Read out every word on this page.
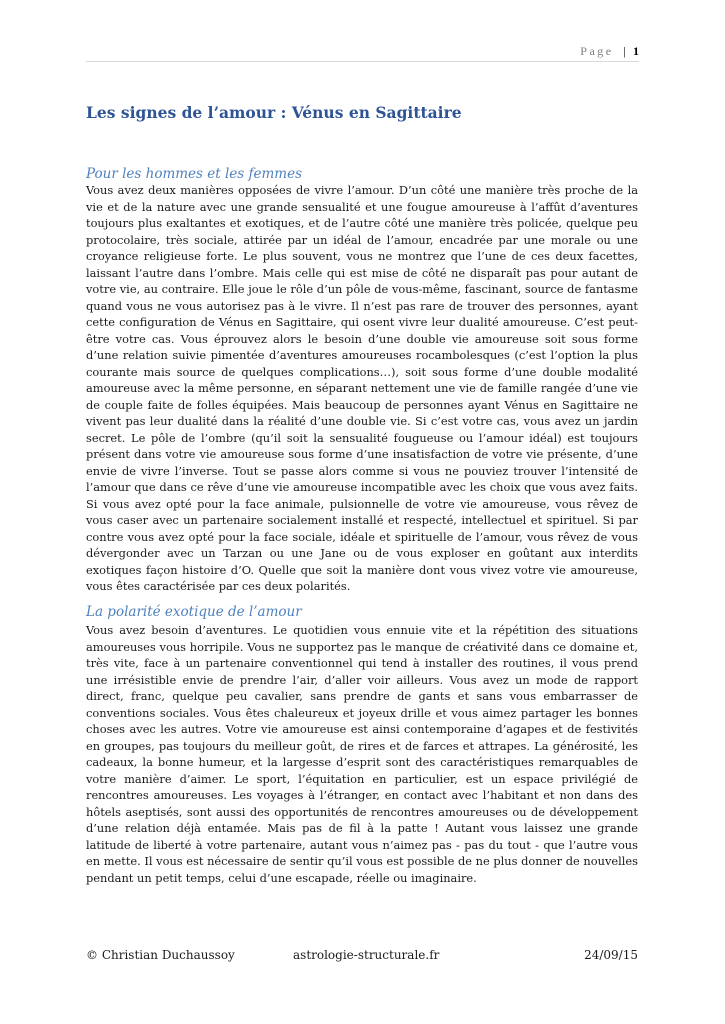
Page | 1
Les signes de l’amour : Vénus en Sagittaire
Pour les hommes et les femmes

Vous avez deux manières opposées de vivre l’amour. D’un côté une manière très proche de la vie et de la nature avec une grande sensualité et une fougue amoureuse à l’affût d’aventures toujours plus exaltantes et exotiques, et de l’autre côté une manière très policée, quelque peu protocolaire, très sociale, attirée par un idéal de l’amour, encadrée par une morale ou une croyance religieuse forte. Le plus souvent, vous ne montrez que l’une de ces deux facettes, laissant l’autre dans l’ombre. Mais celle qui est mise de côté ne disparaît pas pour autant de votre vie, au contraire. Elle joue le rôle d’un pôle de vous-même, fascinant, source de fantasme quand vous ne vous autorisez pas à le vivre. Il n’est pas rare de trouver des personnes, ayant cette configuration de Vénus en Sagittaire, qui osent vivre leur dualité amoureuse. C’est peut-être votre cas. Vous éprouvez alors le besoin d’une double vie amoureuse soit sous forme d’une relation suivie pimentée d’aventures amoureuses rocambolesques (c’est l’option la plus courante mais source de quelques complications…), soit sous forme d’une double modalité amoureuse avec la même personne, en séparant nettement une vie de famille rangée d’une vie de couple faite de folles équipées. Mais beaucoup de personnes ayant Vénus en Sagittaire ne vivent pas leur dualité dans la réalité d’une double vie. Si c’est votre cas, vous avez un jardin secret. Le pôle de l’ombre (qu’il soit la sensualité fougueuse ou l’amour idéal) est toujours présent dans votre vie amoureuse sous forme d’une insatisfaction de votre vie présente, d’une envie de vivre l’inverse. Tout se passe alors comme si vous ne pouviez trouver l’intensité de l’amour que dans ce rêve d’une vie amoureuse incompatible avec les choix que vous avez faits. Si vous avez opté pour la face animale, pulsionnelle de votre vie amoureuse, vous rêvez de vous caser avec un partenaire socialement installé et respecté, intellectuel et spirituel. Si par contre vous avez opté pour la face sociale, idéale et spirituelle de l’amour, vous rêvez de vous dévergonder avec un Tarzan ou une Jane ou de vous exploser en goûtant aux interdits exotiques façon histoire d’O. Quelle que soit la manière dont vous vivez votre vie amoureuse, vous êtes caractérisée par ces deux polarités.

La polarité exotique de l’amour

Vous avez besoin d’aventures. Le quotidien vous ennuie vite et la répétition des situations amoureuses vous horripile. Vous ne supportez pas le manque de créativité dans ce domaine et, très vite, face à un partenaire conventionnel qui tend à installer des routines, il vous prend une irrésistible envie de prendre l’air, d’aller voir ailleurs. Vous avez un mode de rapport direct, franc, quelque peu cavalier, sans prendre de gants et sans vous embarrasser de conventions sociales. Vous êtes chaleureux et joyeux drille et vous aimez partager les bonnes choses avec les autres. Votre vie amoureuse est ainsi contemporaine d’agapes et de festivités en groupes, pas toujours du meilleur goût, de rires et de farces et attrapes. La générosité, les cadeaux, la bonne humeur, et la largesse d’esprit sont des caractéristiques remarquables de votre manière d’aimer. Le sport, l’équitation en particulier, est un espace privilégié de rencontres amoureuses. Les voyages à l’étranger, en contact avec l’habitant et non dans des hôtels aseptisés, sont aussi des opportunités de rencontres amoureuses ou de développement d’une relation déjà entamée. Mais pas de fil à la patte ! Autant vous laissez une grande latitude de liberté à votre partenaire, autant vous n’aimez pas - pas du tout - que l’autre vous en mette. Il vous est nécessaire de sentir qu’il vous est possible de ne plus donner de nouvelles pendant un petit temps, celui d’une escapade, réelle ou imaginaire.

© Christian Duchaussoy	astrologie-structurale.fr	24/09/15
